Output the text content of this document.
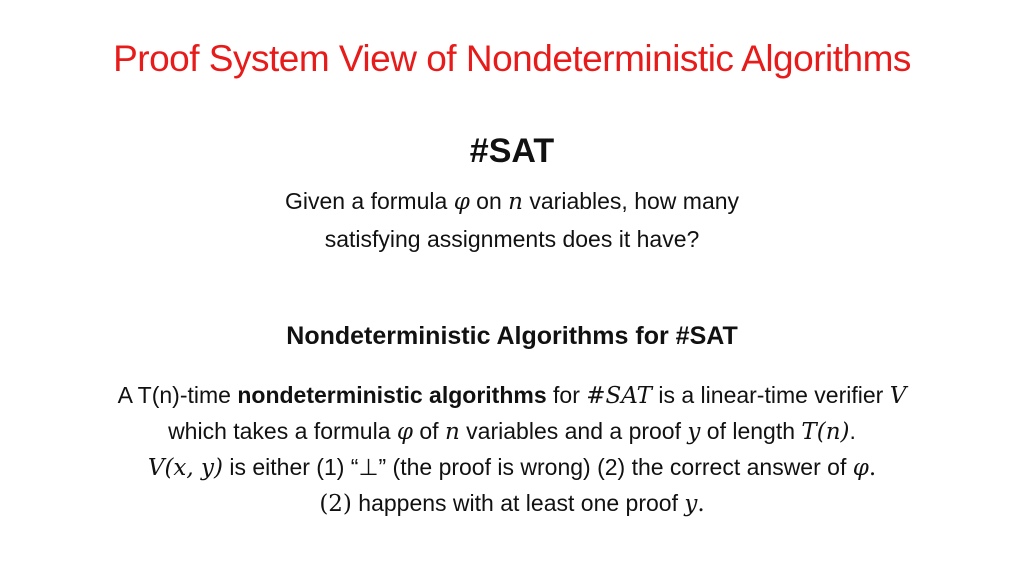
Proof System View of Nondeterministic Algorithms
#SAT
Given a formula φ on n variables, how many
satisfying assignments does it have?
Nondeterministic Algorithms for #SAT
A T(n)-time nondeterministic algorithms for #SAT is a linear-time verifier V
which takes a formula φ of n variables and a proof y of length T(n).
V(x, y) is either (1) “⊥” (the proof is wrong) (2) the correct answer of φ.
(2) happens with at least one proof y.
